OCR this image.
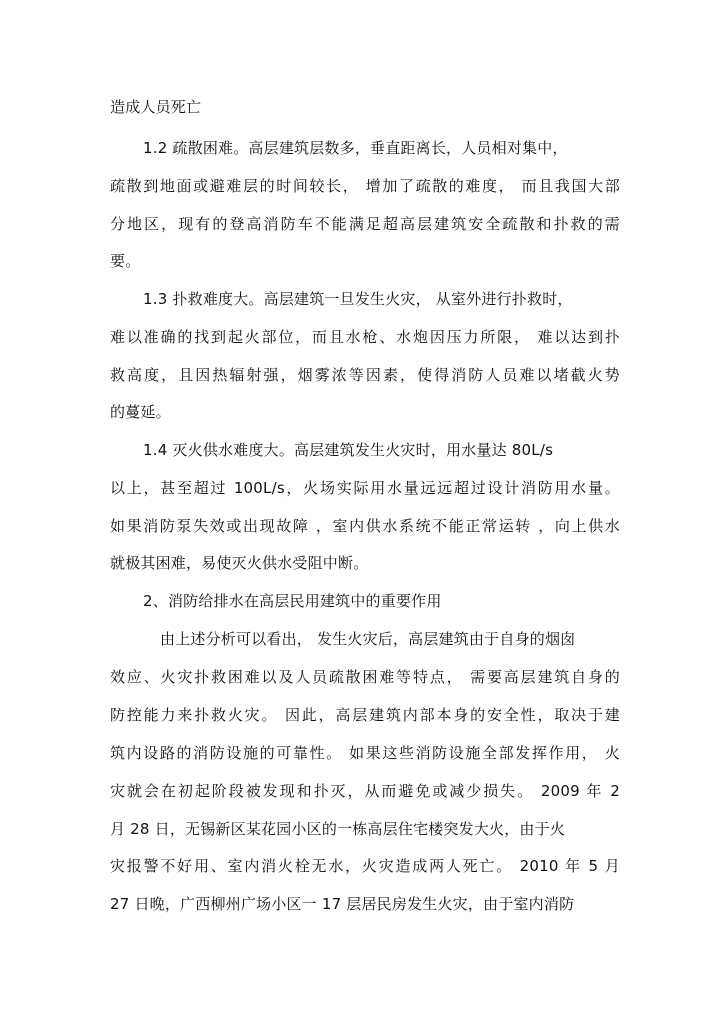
造成人员死亡
1.2 疏散困难。高层建筑层数多，垂直距离长，人员相对集中，
疏散到地面或避难层的时间较长， 增加了疏散的难度， 而且我国大部
分地区，现有的登高消防车不能满足超高层建筑安全疏散和扑救的需
要。
1.3 扑救难度大。高层建筑一旦发生火灾， 从室外进行扑救时，
难以准确的找到起火部位，而且水枪、水炮因压力所限， 难以达到扑
救高度，且因热辐射强，烟雾浓等因素，使得消防人员难以堵截火势
的蔓延。
1.4 灭火供水难度大。高层建筑发生火灾时，用水量达 80L/s
以上，甚至超过 100L/s，火场实际用水量远远超过设计消防用水量。
如果消防泵失效或出现故障 ，室内供水系统不能正常运转 ，向上供水
就极其困难，易使灭火供水受阻中断。
2、消防给排水在高层民用建筑中的重要作用
由上述分析可以看出， 发生火灾后，高层建筑由于自身的烟囱
效应、火灾扑救困难以及人员疏散困难等特点， 需要高层建筑自身的
防控能力来扑救火灾。 因此，高层建筑内部本身的安全性，取决于建
筑内设路的消防设施的可靠性。 如果这些消防设施全部发挥作用， 火
灾就会在初起阶段被发现和扑灭，从而避免或减少损失。 2009 年 2
月 28 日，无锡新区某花园小区的一栋高层住宅楼突发大火，由于火
灾报警不好用、室内消火栓无水，火灾造成两人死亡。 2010 年 5 月
27 日晚，广西柳州广场小区一 17 层居民房发生火灾，由于室内消防
